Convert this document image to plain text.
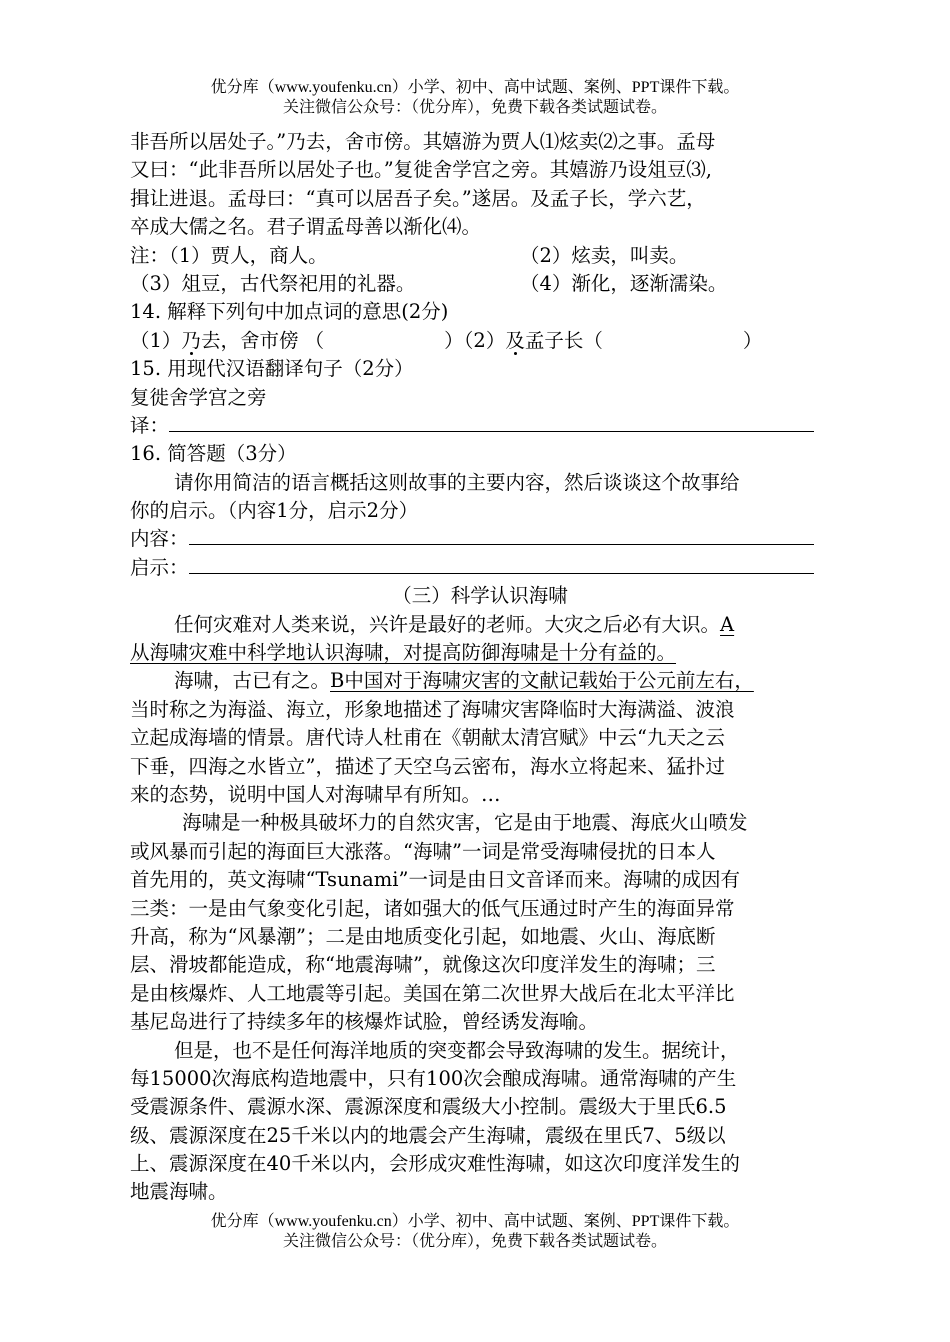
优分库（www.youfenku.cn）小学、初中、高中试题、案例、PPT课件下载。
关注微信公众号：（优分库），免费下载各类试题试卷。
非吾所以居处子。”乃去，舍市傍。其嬉游为贾人⑴炫卖⑵之事。孟母
又曰：“此非吾所以居处子也。”复徙舍学宫之旁。其嬉游乃设俎豆⑶,
揖让进退。孟母曰：“真可以居吾子矣。”遂居。及孟子长，学六艺，
卒成大儒之名。君子谓孟母善以渐化⑷。
注：（1）贾人，商人。	（2）炫卖，叫卖。
（3）俎豆，古代祭祀用的礼器。	（4）渐化，逐渐濡染。
14. 解释下列句中加点词的意思(2分)
（1）乃去，舍市傍 （	）（2）及孟子长（	）
15. 用现代汉语翻译句子（2分）
复徙舍学宫之旁
译：
16. 简答题（3分）
请你用简洁的语言概括这则故事的主要内容，然后谈谈这个故事给
你的启示。（内容1分，启示2分）
内容：
启示：
（三）科学认识海啸
任何灾难对人类来说，兴许是最好的老师。大灾之后必有大识。A
从海啸灾难中科学地认识海啸，对提高防御海啸是十分有益的。
海啸，古已有之。B中国对于海啸灾害的文献记载始于公元前左右，
当时称之为海溢、海立，形象地描述了海啸灾害降临时大海满溢、波浪
立起成海墙的情景。唐代诗人杜甫在《朝献太清宫赋》中云“九天之云
下垂，四海之水皆立”，描述了天空乌云密布，海水立将起来、猛扑过
来的态势，说明中国人对海啸早有所知。…
海啸是一种极具破坏力的自然灾害，它是由于地震、海底火山喷发
或风暴而引起的海面巨大涨落。“海啸”一词是常受海啸侵扰的日本人
首先用的，英文海啸“Tsunami”一词是由日文音译而来。海啸的成因有
三类：一是由气象变化引起，诸如强大的低气压通过时产生的海面异常
升高，称为“风暴潮”；二是由地质变化引起，如地震、火山、海底断
层、滑坡都能造成，称“地震海啸”，就像这次印度洋发生的海啸；三
是由核爆炸、人工地震等引起。美国在第二次世界大战后在北太平洋比
基尼岛进行了持续多年的核爆炸试脸，曾经诱发海喻。
但是，也不是任何海洋地质的突变都会导致海啸的发生。据统计，
每15000次海底构造地震中，只有100次会酿成海啸。通常海啸的产生
受震源条件、震源水深、震源深度和震级大小控制。震级大于里氏6.5
级、震源深度在25千米以内的地震会产生海啸，震级在里氏7、5级以
上、震源深度在40千米以内，会形成灾难性海啸，如这次印度洋发生的
地震海啸。
优分库（www.youfenku.cn）小学、初中、高中试题、案例、PPT课件下载。
关注微信公众号：（优分库），免费下载各类试题试卷。
